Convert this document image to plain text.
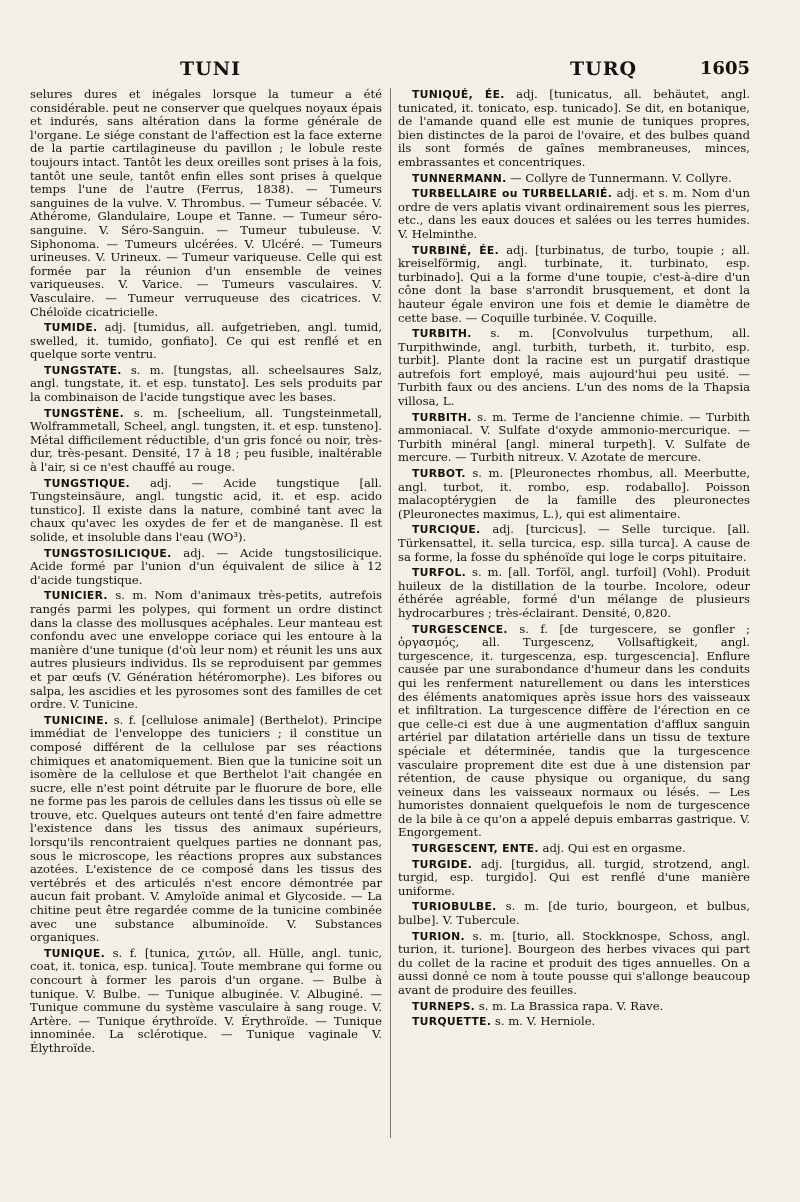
TUNI	TURQ	1605

selures dures et inégales lorsque la tumeur a été considérable. peut ne conserver que quelques noyaux épais et indurés, sans altération dans la forme générale de l'organe. Le siége constant de l'affection est la face externe de la partie cartilagineuse du pavillon ; le lobule reste toujours intact. Tantôt les deux oreilles sont prises à la fois, tantôt une seule, tantôt enfin elles sont prises à quelque temps l'une de l'autre (Ferrus, 1838). — Tumeurs sanguines de la vulve. V. Thrombus. — Tumeur sébacée. V. Athérome, Glandulaire, Loupe et Tanne. — Tumeur séro-sanguine. V. Séro-Sanguin. — Tumeur tubuleuse. V. Siphonoma. — Tumeurs ulcérées. V. Ulcéré. — Tumeurs urineuses. V. Urineux. — Tumeur variqueuse. Celle qui est formée par la réunion d'un ensemble de veines variqueuses. V. Varice. — Tumeurs vasculaires. V. Vasculaire. — Tumeur verruqueuse des cicatrices. V. Chéloïde cicatricielle.

TUMIDE. adj. [tumidus, all. aufgetrieben, angl. tumid, swelled, it. tumido, gonfiato]. Ce qui est renflé et en quelque sorte ventru.

TUNGSTATE. s. m. [tungstas, all. scheelsaures Salz, angl. tungstate, it. et esp. tunstato]. Les sels produits par la combinaison de l'acide tungstique avec les bases.

TUNGSTÈNE. s. m. [scheelium, all. Tungsteinmetall, Wolframmetall, Scheel, angl. tungsten, it. et esp. tunsteno]. Métal difficilement réductible, d'un gris foncé ou noir, très-dur, très-pesant. Densité, 17 à 18 ; peu fusible, inaltérable à l'air, si ce n'est chauffé au rouge.

TUNGSTIQUE. adj. — Acide tungstique [all. Tungsteinsäure, angl. tungstic acid, it. et esp. acido tunstico]. Il existe dans la nature, combiné tant avec la chaux qu'avec les oxydes de fer et de manganèse. Il est solide, et insoluble dans l'eau (WO³).

TUNGSTOSILICIQUE. adj. — Acide tungstosilicique. Acide formé par l'union d'un équivalent de silice à 12 d'acide tungstique.

TUNICIER. s. m. Nom d'animaux très-petits, autrefois rangés parmi les polypes, qui forment un ordre distinct dans la classe des mollusques acéphales. Leur manteau est confondu avec une enveloppe coriace qui les entoure à la manière d'une tunique (d'où leur nom) et réunit les uns aux autres plusieurs individus. Ils se reproduisent par gemmes et par œufs (V. Génération hétéromorphe). Les bifores ou salpa, les ascidies et les pyrosomes sont des familles de cet ordre. V. Tunicine.

TUNICINE. s. f. [cellulose animale] (Berthelot). Principe immédiat de l'enveloppe des tuniciers ; il constitue un composé différent de la cellulose par ses réactions chimiques et anatomiquement. Bien que la tunicine soit un isomère de la cellulose et que Berthelot l'ait changée en sucre, elle n'est point détruite par le fluorure de bore, elle ne forme pas les parois de cellules dans les tissus où elle se trouve, etc. Quelques auteurs ont tenté d'en faire admettre l'existence dans les tissus des animaux supérieurs, lorsqu'ils rencontraient quelques parties ne donnant pas, sous le microscope, les réactions propres aux substances azotées. L'existence de ce composé dans les tissus des vertébrés et des articulés n'est encore démontrée par aucun fait probant. V. Amyloïde animal et Glycoside. — La chitine peut être regardée comme de la tunicine combinée avec une substance albuminoïde. V. Substances organiques.

TUNIQUE. s. f. [tunica, χιτών, all. Hülle, angl. tunic, coat, it. tonica, esp. tunica]. Toute membrane qui forme ou concourt à former les parois d'un organe. — Bulbe à tunique. V. Bulbe. — Tunique albuginée. V. Albuginé. — Tunique commune du système vasculaire à sang rouge. V. Artère. — Tunique érythroïde. V. Érythroïde. — Tunique innominée. La sclérotique. — Tunique vaginale V. Élythroïde.

TUNIQUÉ, ÉE. adj. [tunicatus, all. behäutet, angl. tunicated, it. tonicato, esp. tunicado]. Se dit, en botanique, de l'amande quand elle est munie de tuniques propres, bien distinctes de la paroi de l'ovaire, et des bulbes quand ils sont formés de gaînes membraneuses, minces, embrassantes et concentriques.

TUNNERMANN. — Collyre de Tunnermann. V. Collyre.

TURBELLAIRE ou TURBELLARIÉ. adj. et s. m. Nom d'un ordre de vers aplatis vivant ordinairement sous les pierres, etc., dans les eaux douces et salées ou les terres humides. V. Helminthe.

TURBINÉ, ÉE. adj. [turbinatus, de turbo, toupie ; all. kreiselförmig, angl. turbinate, it. turbinato, esp. turbinado]. Qui a la forme d'une toupie, c'est-à-dire d'un cône dont la base s'arrondit brusquement, et dont la hauteur égale environ une fois et demie le diamètre de cette base. — Coquille turbinée. V. Coquille.

TURBITH. s. m. [Convolvulus turpethum, all. Turpithwinde, angl. turbith, turbeth, it. turbito, esp. turbit]. Plante dont la racine est un purgatif drastique autrefois fort employé, mais aujourd'hui peu usité. — Turbith faux ou des anciens. L'un des noms de la Thapsia villosa, L.

TURBITH. s. m. Terme de l'ancienne chimie. — Turbith ammoniacal. V. Sulfate d'oxyde ammonio-mercurique. — Turbith minéral [angl. mineral turpeth]. V. Sulfate de mercure. — Turbith nitreux. V. Azotate de mercure.

TURBOT. s. m. [Pleuronectes rhombus, all. Meerbutte, angl. turbot, it. rombo, esp. rodaballo]. Poisson malacoptérygien de la famille des pleuronectes (Pleuronectes maximus, L.), qui est alimentaire.

TURCIQUE. adj. [turcicus]. — Selle turcique. [all. Türkensattel, it. sella turcica, esp. silla turca]. A cause de sa forme, la fosse du sphénoïde qui loge le corps pituitaire.

TURFOL. s. m. [all. Torföl, angl. turfoil] (Vohl). Produit huileux de la distillation de la tourbe. Incolore, odeur éthérée agréable, formé d'un mélange de plusieurs hydrocarbures ; très-éclairant. Densité, 0,820.

TURGESCENCE. s. f. [de turgescere, se gonfler ; ὀργασμός, all. Turgescenz, Vollsaftigkeit, angl. turgescence, it. turgescenza, esp. turgescencia]. Enflure causée par une surabondance d'humeur dans les conduits qui les renferment naturellement ou dans les interstices des éléments anatomiques après issue hors des vaisseaux et infiltration. La turgescence diffère de l'érection en ce que celle-ci est due à une augmentation d'afflux sanguin artériel par dilatation artérielle dans un tissu de texture spéciale et déterminée, tandis que la turgescence vasculaire proprement dite est due à une distension par rétention, de cause physique ou organique, du sang veineux dans les vaisseaux normaux ou lésés. — Les humoristes donnaient quelquefois le nom de turgescence de la bile à ce qu'on a appelé depuis embarras gastrique. V. Engorgement.

TURGESCENT, ENTE. adj. Qui est en orgasme.

TURGIDE. adj. [turgidus, all. turgid, strotzend, angl. turgid, esp. turgido]. Qui est renflé d'une manière uniforme.

TURIOBULBE. s. m. [de turio, bourgeon, et bulbus, bulbe]. V. Tubercule.

TURION. s. m. [turio, all. Stockknospe, Schoss, angl. turion, it. turione]. Bourgeon des herbes vivaces qui part du collet de la racine et produit des tiges annuelles. On a aussi donné ce nom à toute pousse qui s'allonge beaucoup avant de produire des feuilles.

TURNEPS. s. m. La Brassica rapa. V. Rave.

TURQUETTE. s. m. V. Herniole.
